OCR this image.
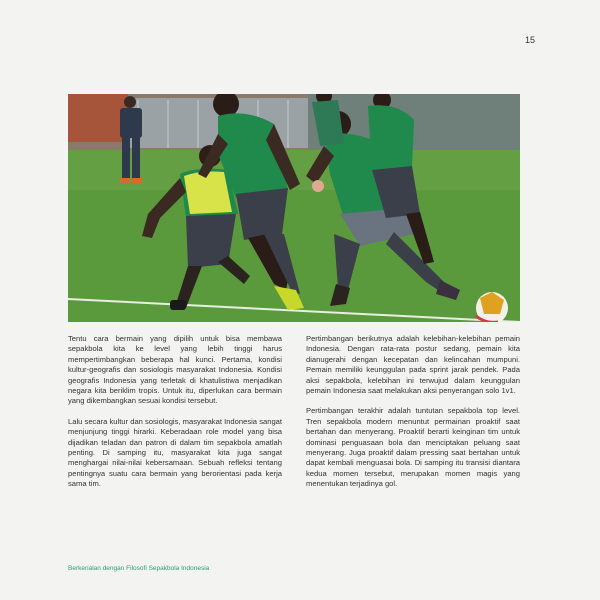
15

Tentu cara bermain yang dipilih untuk bisa membawa sepakbola kita ke level yang lebih tinggi harus mempertimbangkan beberapa hal kunci. Pertama, kondisi kultur-geografis dan sosiologis masyarakat Indonesia. Kondisi geografis Indonesia yang terletak di khatulistiwa menjadikan negara kita beriklim tropis. Untuk itu, diperlukan cara bermain yang dikembangkan sesuai kondisi tersebut.

Lalu secara kultur dan sosiologis, masyarakat Indonesia sangat menjunjung tinggi hirarki. Keberadaan role model yang bisa dijadikan teladan dan patron di dalam tim sepakbola amatlah penting. Di samping itu, masyarakat kita juga sangat menghargai nilai-nilai kebersamaan. Sebuah refleksi tentang pentingnya suatu cara bermain yang berorientasi pada kerja sama tim.

Pertimbangan berikutnya adalah kelebihan-kelebihan pemain Indonesia. Dengan rata-rata postur sedang, pemain kita dianugerahi dengan kecepatan dan kelincahan mumpuni. Pemain memiliki keunggulan pada sprint jarak pendek. Pada aksi sepakbola, kelebihan ini terwujud dalam keunggulan pemain Indonesia saat melakukan aksi penyerangan solo 1v1.

Pertimbangan terakhir adalah tuntutan sepakbola top level. Tren sepakbola modern menuntut permainan proaktif saat bertahan dan menyerang. Proaktif berarti keinginan tim untuk dominasi penguasaan bola dan menciptakan peluang saat menyerang. Juga proaktif dalam pressing saat bertahan untuk dapat kembali menguasai bola. Di samping itu transisi diantara kedua momen tersebut, merupakan momen magis yang menentukan terjadinya gol.

Berkenalan dengan Filosofi Sepakbola Indonesia
